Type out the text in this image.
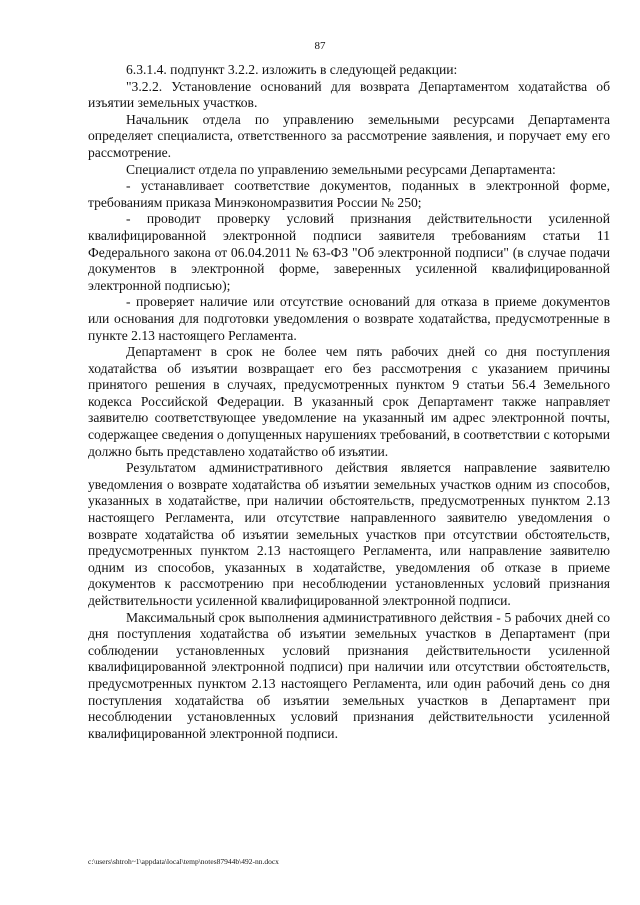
87

6.3.1.4. подпункт 3.2.2. изложить в следующей редакции:

"3.2.2. Установление оснований для возврата Департаментом ходатайства об изъятии земельных участков.

Начальник отдела по управлению земельными ресурсами Департамента определяет специалиста, ответственного за рассмотрение заявления, и поручает ему его рассмотрение.

Специалист отдела по управлению земельными ресурсами Департамента:

- устанавливает соответствие документов, поданных в электронной форме, требованиям приказа Минэкономразвития России № 250;

- проводит проверку условий признания действительности усиленной квалифицированной электронной подписи заявителя требованиям статьи 11 Федерального закона от 06.04.2011 № 63-ФЗ "Об электронной подписи" (в случае подачи документов в электронной форме, заверенных усиленной квалифицированной электронной подписью);

- проверяет наличие или отсутствие оснований для отказа в приеме документов или основания для подготовки уведомления о возврате ходатайства, предусмотренные в пункте 2.13 настоящего Регламента.

Департамент в срок не более чем пять рабочих дней со дня поступления ходатайства об изъятии возвращает его без рассмотрения с указанием причины принятого решения в случаях, предусмотренных пунктом 9 статьи 56.4 Земельного кодекса Российской Федерации. В указанный срок Департамент также направляет заявителю соответствующее уведомление на указанный им адрес электронной почты, содержащее сведения о допущенных нарушениях требований, в соответствии с которыми должно быть представлено ходатайство об изъятии.

Результатом административного действия является направление заявителю уведомления о возврате ходатайства об изъятии земельных участков одним из способов, указанных в ходатайстве, при наличии обстоятельств, предусмотренных пунктом 2.13 настоящего Регламента, или отсутствие направленного заявителю уведомления о возврате ходатайства об изъятии земельных участков при отсутствии обстоятельств, предусмотренных пунктом 2.13 настоящего Регламента, или направление заявителю одним из способов, указанных в ходатайстве, уведомления об отказе в приеме документов к рассмотрению при несоблюдении установленных условий признания действительности усиленной квалифицированной электронной подписи.

Максимальный срок выполнения административного действия - 5 рабочих дней со дня поступления ходатайства об изъятии земельных участков в Департамент (при соблюдении установленных условий признания действительности усиленной квалифицированной электронной подписи) при наличии или отсутствии обстоятельств, предусмотренных пунктом 2.13 настоящего Регламента, или один рабочий день со дня поступления ходатайства об изъятии земельных участков в Департамент при несоблюдении установленных условий признания действительности усиленной квалифицированной электронной подписи.

c:\users\shtroh~1\appdata\local\temp\notes87944b\492-nn.docx
